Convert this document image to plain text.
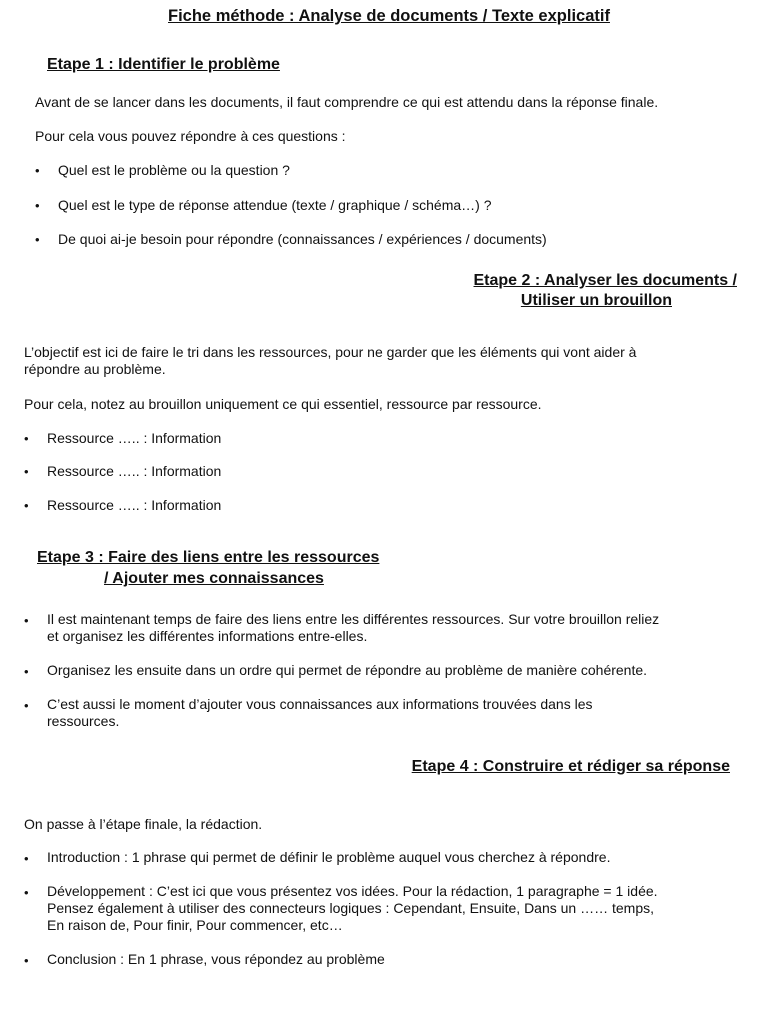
Fiche méthode : Analyse de documents / Texte explicatif
Etape 1 : Identifier le problème
Avant de se lancer dans les documents, il faut comprendre ce qui est attendu dans la réponse finale.
Pour cela vous pouvez répondre à ces questions :
• Quel est le problème ou la question ?
• Quel est le type de réponse attendue (texte / graphique / schéma…) ?
• De quoi ai-je besoin pour répondre (connaissances / expériences / documents)
Etape 2 : Analyser les documents /
Utiliser un brouillon
L’objectif est ici de faire le tri dans les ressources, pour ne garder que les éléments qui vont aider à
répondre au problème.
Pour cela, notez au brouillon uniquement ce qui essentiel, ressource par ressource.
• Ressource ….. : Information
• Ressource ….. : Information
• Ressource ….. : Information
Etape 3 : Faire des liens entre les ressources
/ Ajouter mes connaissances
• Il est maintenant temps de faire des liens entre les différentes ressources. Sur votre brouillon reliez
et organisez les différentes informations entre-elles.
• Organisez les ensuite dans un ordre qui permet de répondre au problème de manière cohérente.
• C’est aussi le moment d’ajouter vous connaissances aux informations trouvées dans les
ressources.
Etape 4 : Construire et rédiger sa réponse
On passe à l’étape finale, la rédaction.
• Introduction : 1 phrase qui permet de définir le problème auquel vous cherchez à répondre.
• Développement : C’est ici que vous présentez vos idées. Pour la rédaction, 1 paragraphe = 1 idée.
Pensez également à utiliser des connecteurs logiques : Cependant, Ensuite, Dans un …… temps,
En raison de, Pour finir, Pour commencer, etc…
• Conclusion : En 1 phrase, vous répondez au problème
